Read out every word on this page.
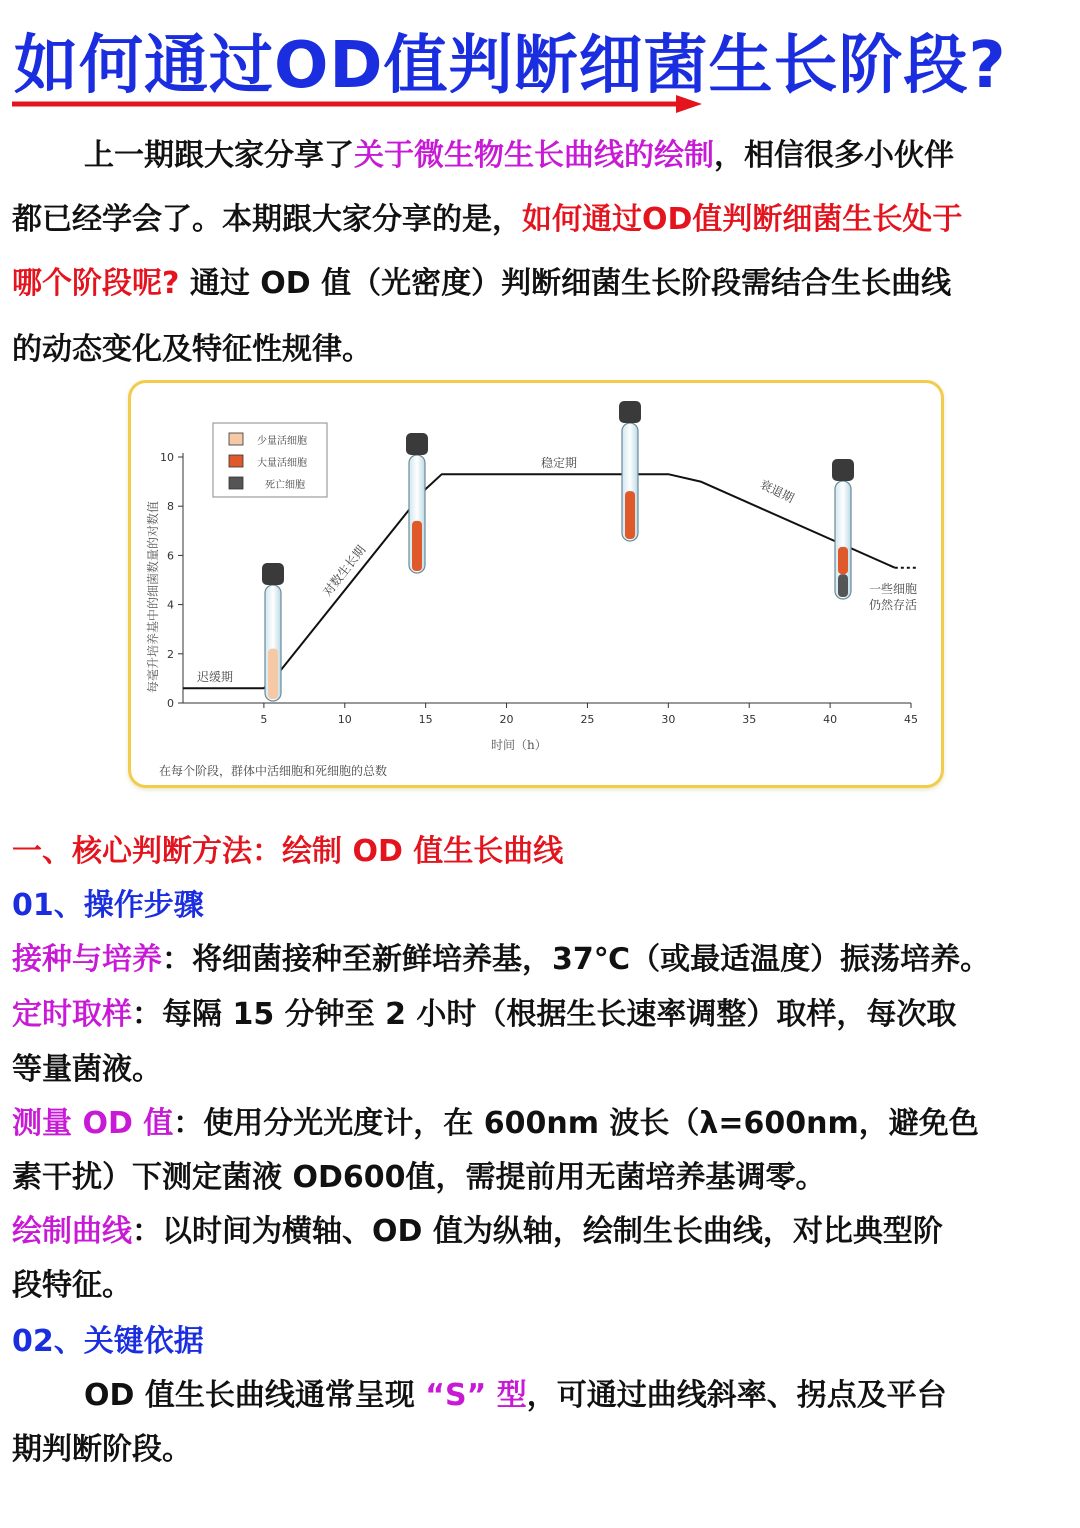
如何通过OD值判断细菌生长阶段?

上一期跟大家分享了关于微生物生长曲线的绘制，相信很多小伙伴

都已经学会了。本期跟大家分享的是，如何通过OD值判断细菌生长处于

哪个阶段呢? 通过 OD 值（光密度）判断细菌生长阶段需结合生长曲线

的动态变化及特征性规律。

5	10	15	20	25	30	35	40	45
0
2
4
6
8
10
每毫升培养基中的细菌数量的对数值
时间（h）
在每个阶段，群体中活细胞和死细胞的总数
迟缓期
对数生长期
稳定期
衰退期
一些细胞
仍然存活
少量活细胞
大量活细胞
死亡细胞

一、核心判断方法：绘制 OD 值生长曲线

01、操作步骤

接种与培养：将细菌接种至新鲜培养基，37℃（或最适温度）振荡培养。

定时取样：每隔 15 分钟至 2 小时（根据生长速率调整）取样，每次取

等量菌液。

测量 OD 值：使用分光光度计，在 600nm 波长（λ=600nm，避免色

素干扰）下测定菌液 OD600值，需提前用无菌培养基调零。

绘制曲线：以时间为横轴、OD 值为纵轴，绘制生长曲线，对比典型阶

段特征。

02、关键依据

OD 值生长曲线通常呈现 “S” 型，可通过曲线斜率、拐点及平台

期判断阶段。
